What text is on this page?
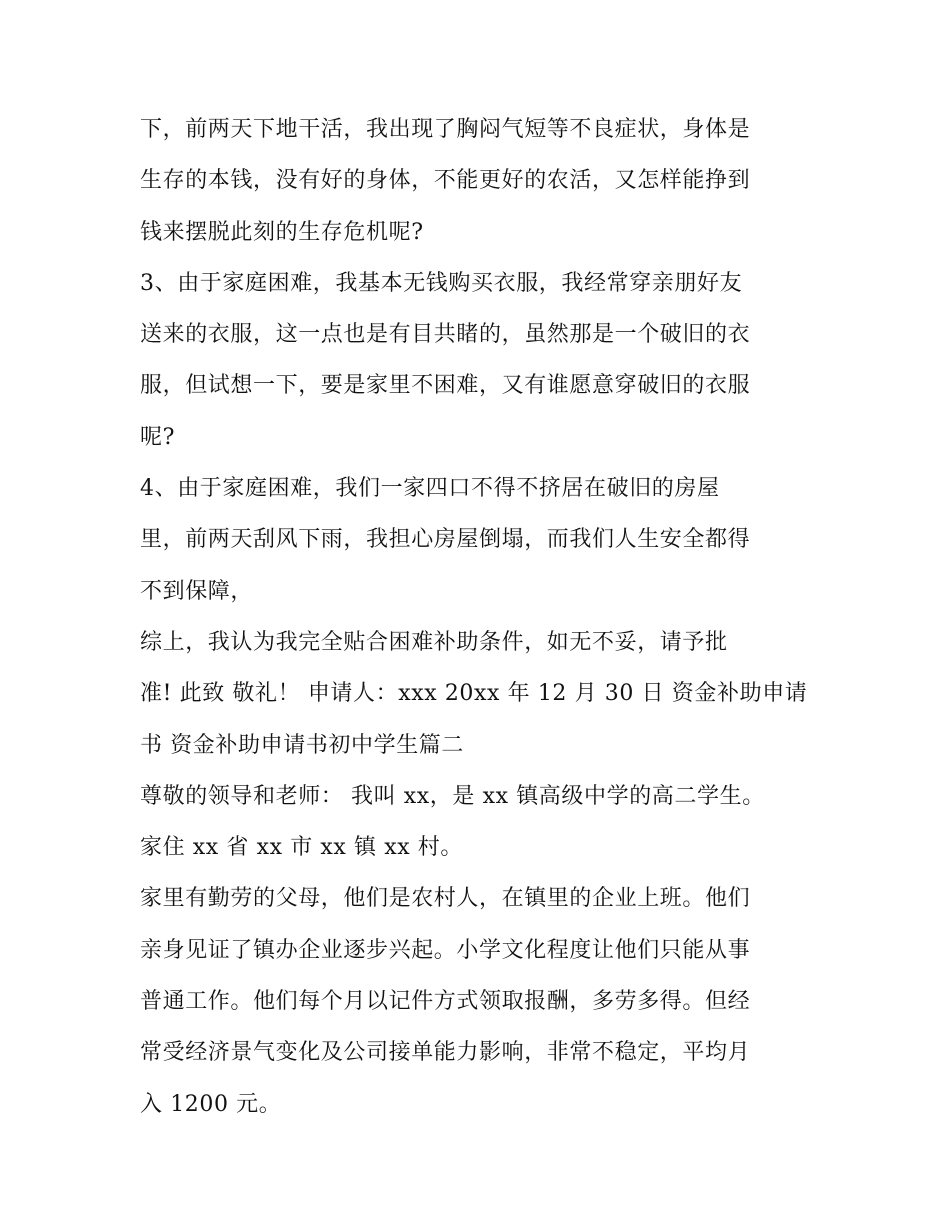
下，前两天下地干活，我出现了胸闷气短等不良症状，身体是
生存的本钱，没有好的身体，不能更好的农活，又怎样能挣到
钱来摆脱此刻的生存危机呢?
3、由于家庭困难，我基本无钱购买衣服，我经常穿亲朋好友
送来的衣服，这一点也是有目共睹的，虽然那是一个破旧的衣
服，但试想一下，要是家里不困难，又有谁愿意穿破旧的衣服
呢?
4、由于家庭困难，我们一家四口不得不挤居在破旧的房屋
里，前两天刮风下雨，我担心房屋倒塌，而我们人生安全都得
不到保障，
综上，我认为我完全贴合困难补助条件，如无不妥，请予批
准! 此致 敬礼！ 申请人：xxx 20xx 年 12 月 30 日 资金补助申请
书 资金补助申请书初中学生篇二
尊敬的领导和老师： 我叫 xx，是 xx 镇高级中学的高二学生。
家住 xx 省 xx 市 xx 镇 xx 村。
家里有勤劳的父母，他们是农村人，在镇里的企业上班。他们
亲身见证了镇办企业逐步兴起。小学文化程度让他们只能从事
普通工作。他们每个月以记件方式领取报酬，多劳多得。但经
常受经济景气变化及公司接单能力影响，非常不稳定，平均月
入 1200 元。
